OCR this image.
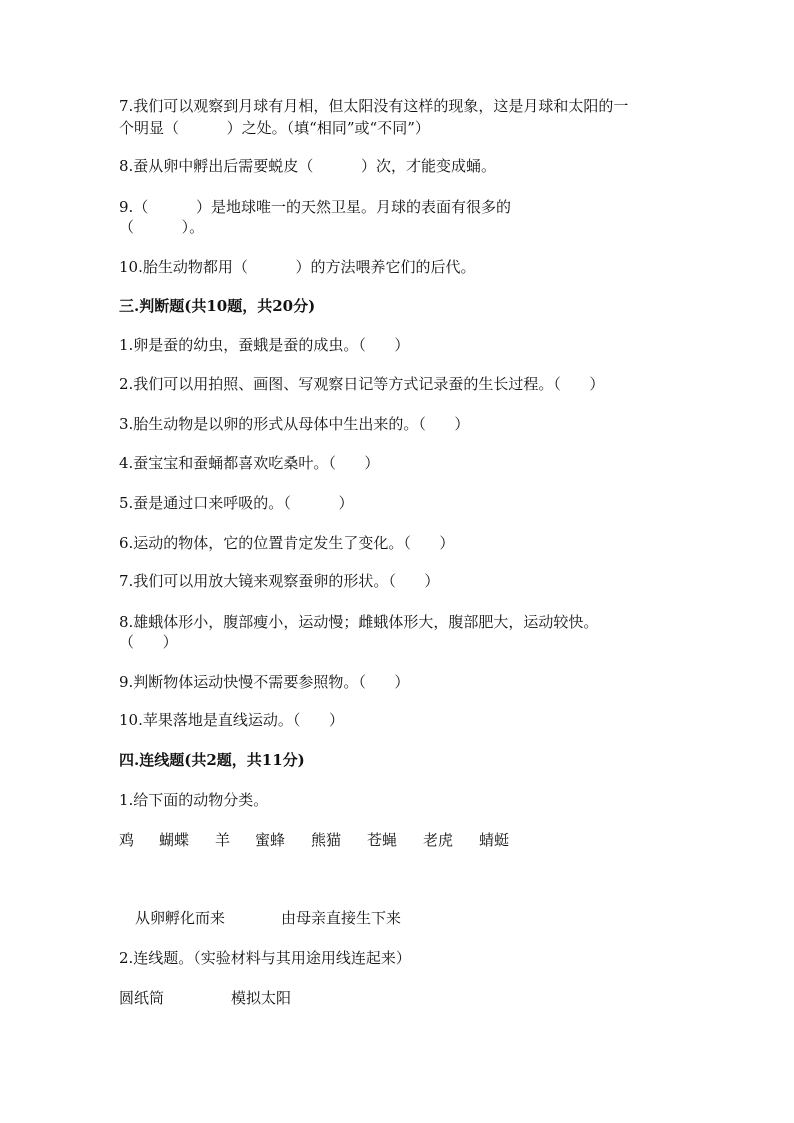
7.我们可以观察到月球有月相，但太阳没有这样的现象，这是月球和太阳的一
个明显（          ）之处。（填“相同”或“不同”）
8.蚕从卵中孵出后需要蜕皮（          ）次，才能变成蛹。
9.（          ）是地球唯一的天然卫星。月球的表面有很多的
（          ）。
10.胎生动物都用（          ）的方法喂养它们的后代。
三.判断题(共10题，共20分)
1.卵是蚕的幼虫，蚕蛾是蚕的成虫。（      ）
2.我们可以用拍照、画图、写观察日记等方式记录蚕的生长过程。（      ）
3.胎生动物是以卵的形式从母体中生出来的。（      ）
4.蚕宝宝和蚕蛹都喜欢吃桑叶。（      ）
5.蚕是通过口来呼吸的。（          ）
6.运动的物体，它的位置肯定发生了变化。（      ）
7.我们可以用放大镜来观察蚕卵的形状。（      ）
8.雄蛾体形小，腹部瘦小，运动慢；雌蛾体形大，腹部肥大，运动较快。
（      ）
9.判断物体运动快慢不需要参照物。（      ）
10.苹果落地是直线运动。（      ）
四.连线题(共2题，共11分)
1.给下面的动物分类。
鸡 蝴蝶 羊 蜜蜂 熊猫 苍蝇 老虎 蜻蜓
从卵孵化而来	由母亲直接生下来
2.连线题。（实验材料与其用途用线连起来）
圆纸筒	模拟太阳
